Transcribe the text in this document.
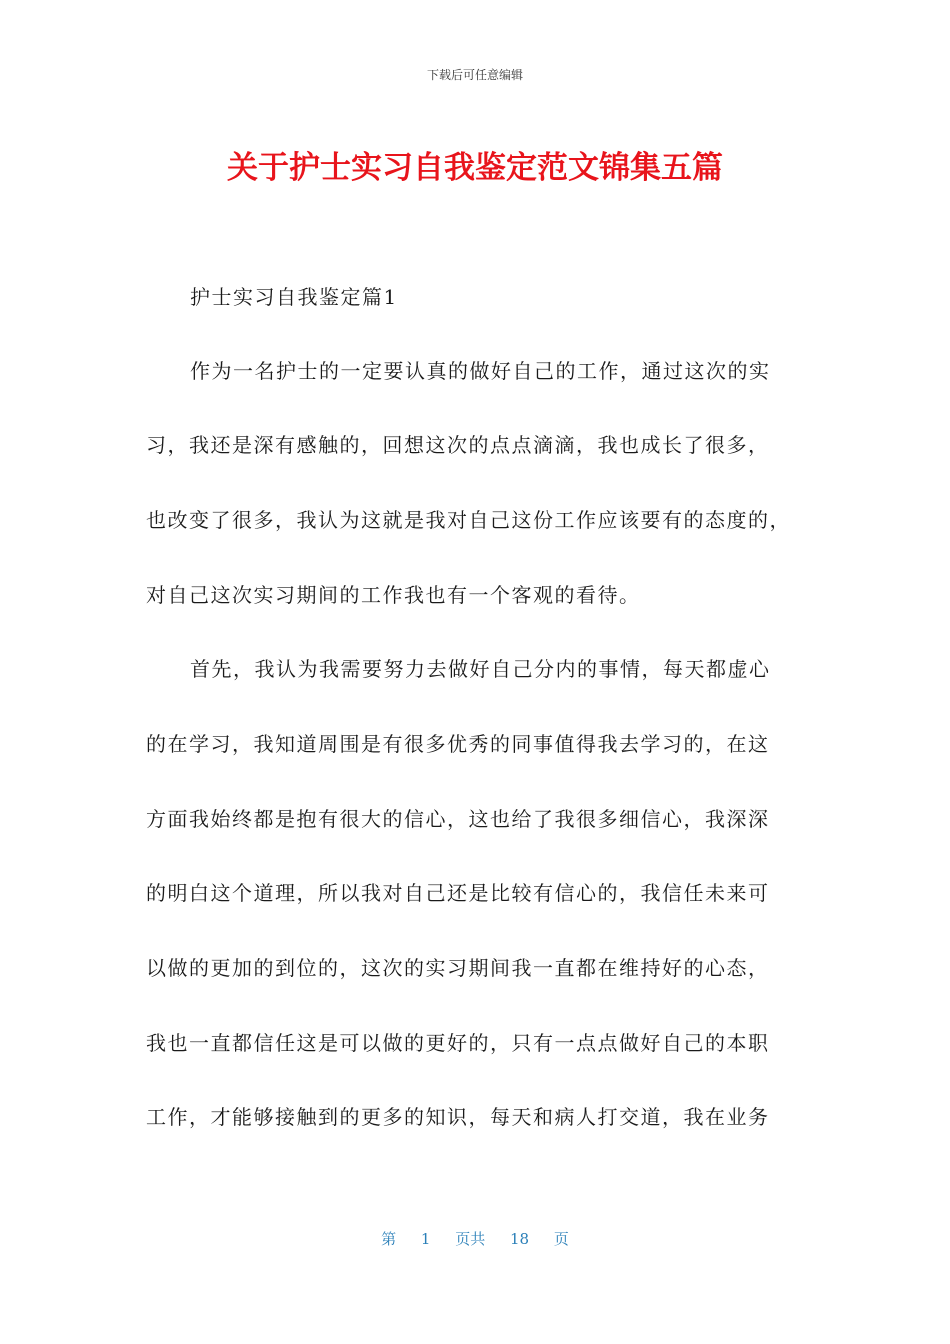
下载后可任意编辑
关于护士实习自我鉴定范文锦集五篇
护士实习自我鉴定篇1
作为一名护士的一定要认真的做好自己的工作，通过这次的实
习，我还是深有感触的，回想这次的点点滴滴，我也成长了很多，
也改变了很多，我认为这就是我对自己这份工作应该要有的态度的，
对自己这次实习期间的工作我也有一个客观的看待。
首先，我认为我需要努力去做好自己分内的事情，每天都虚心
的在学习，我知道周围是有很多优秀的同事值得我去学习的，在这
方面我始终都是抱有很大的信心，这也给了我很多细信心，我深深
的明白这个道理，所以我对自己还是比较有信心的，我信任未来可
以做的更加的到位的，这次的实习期间我一直都在维持好的心态，
我也一直都信任这是可以做的更好的，只有一点点做好自己的本职
工作，才能够接触到的更多的知识，每天和病人打交道，我在业务
第 1 页共 18 页
